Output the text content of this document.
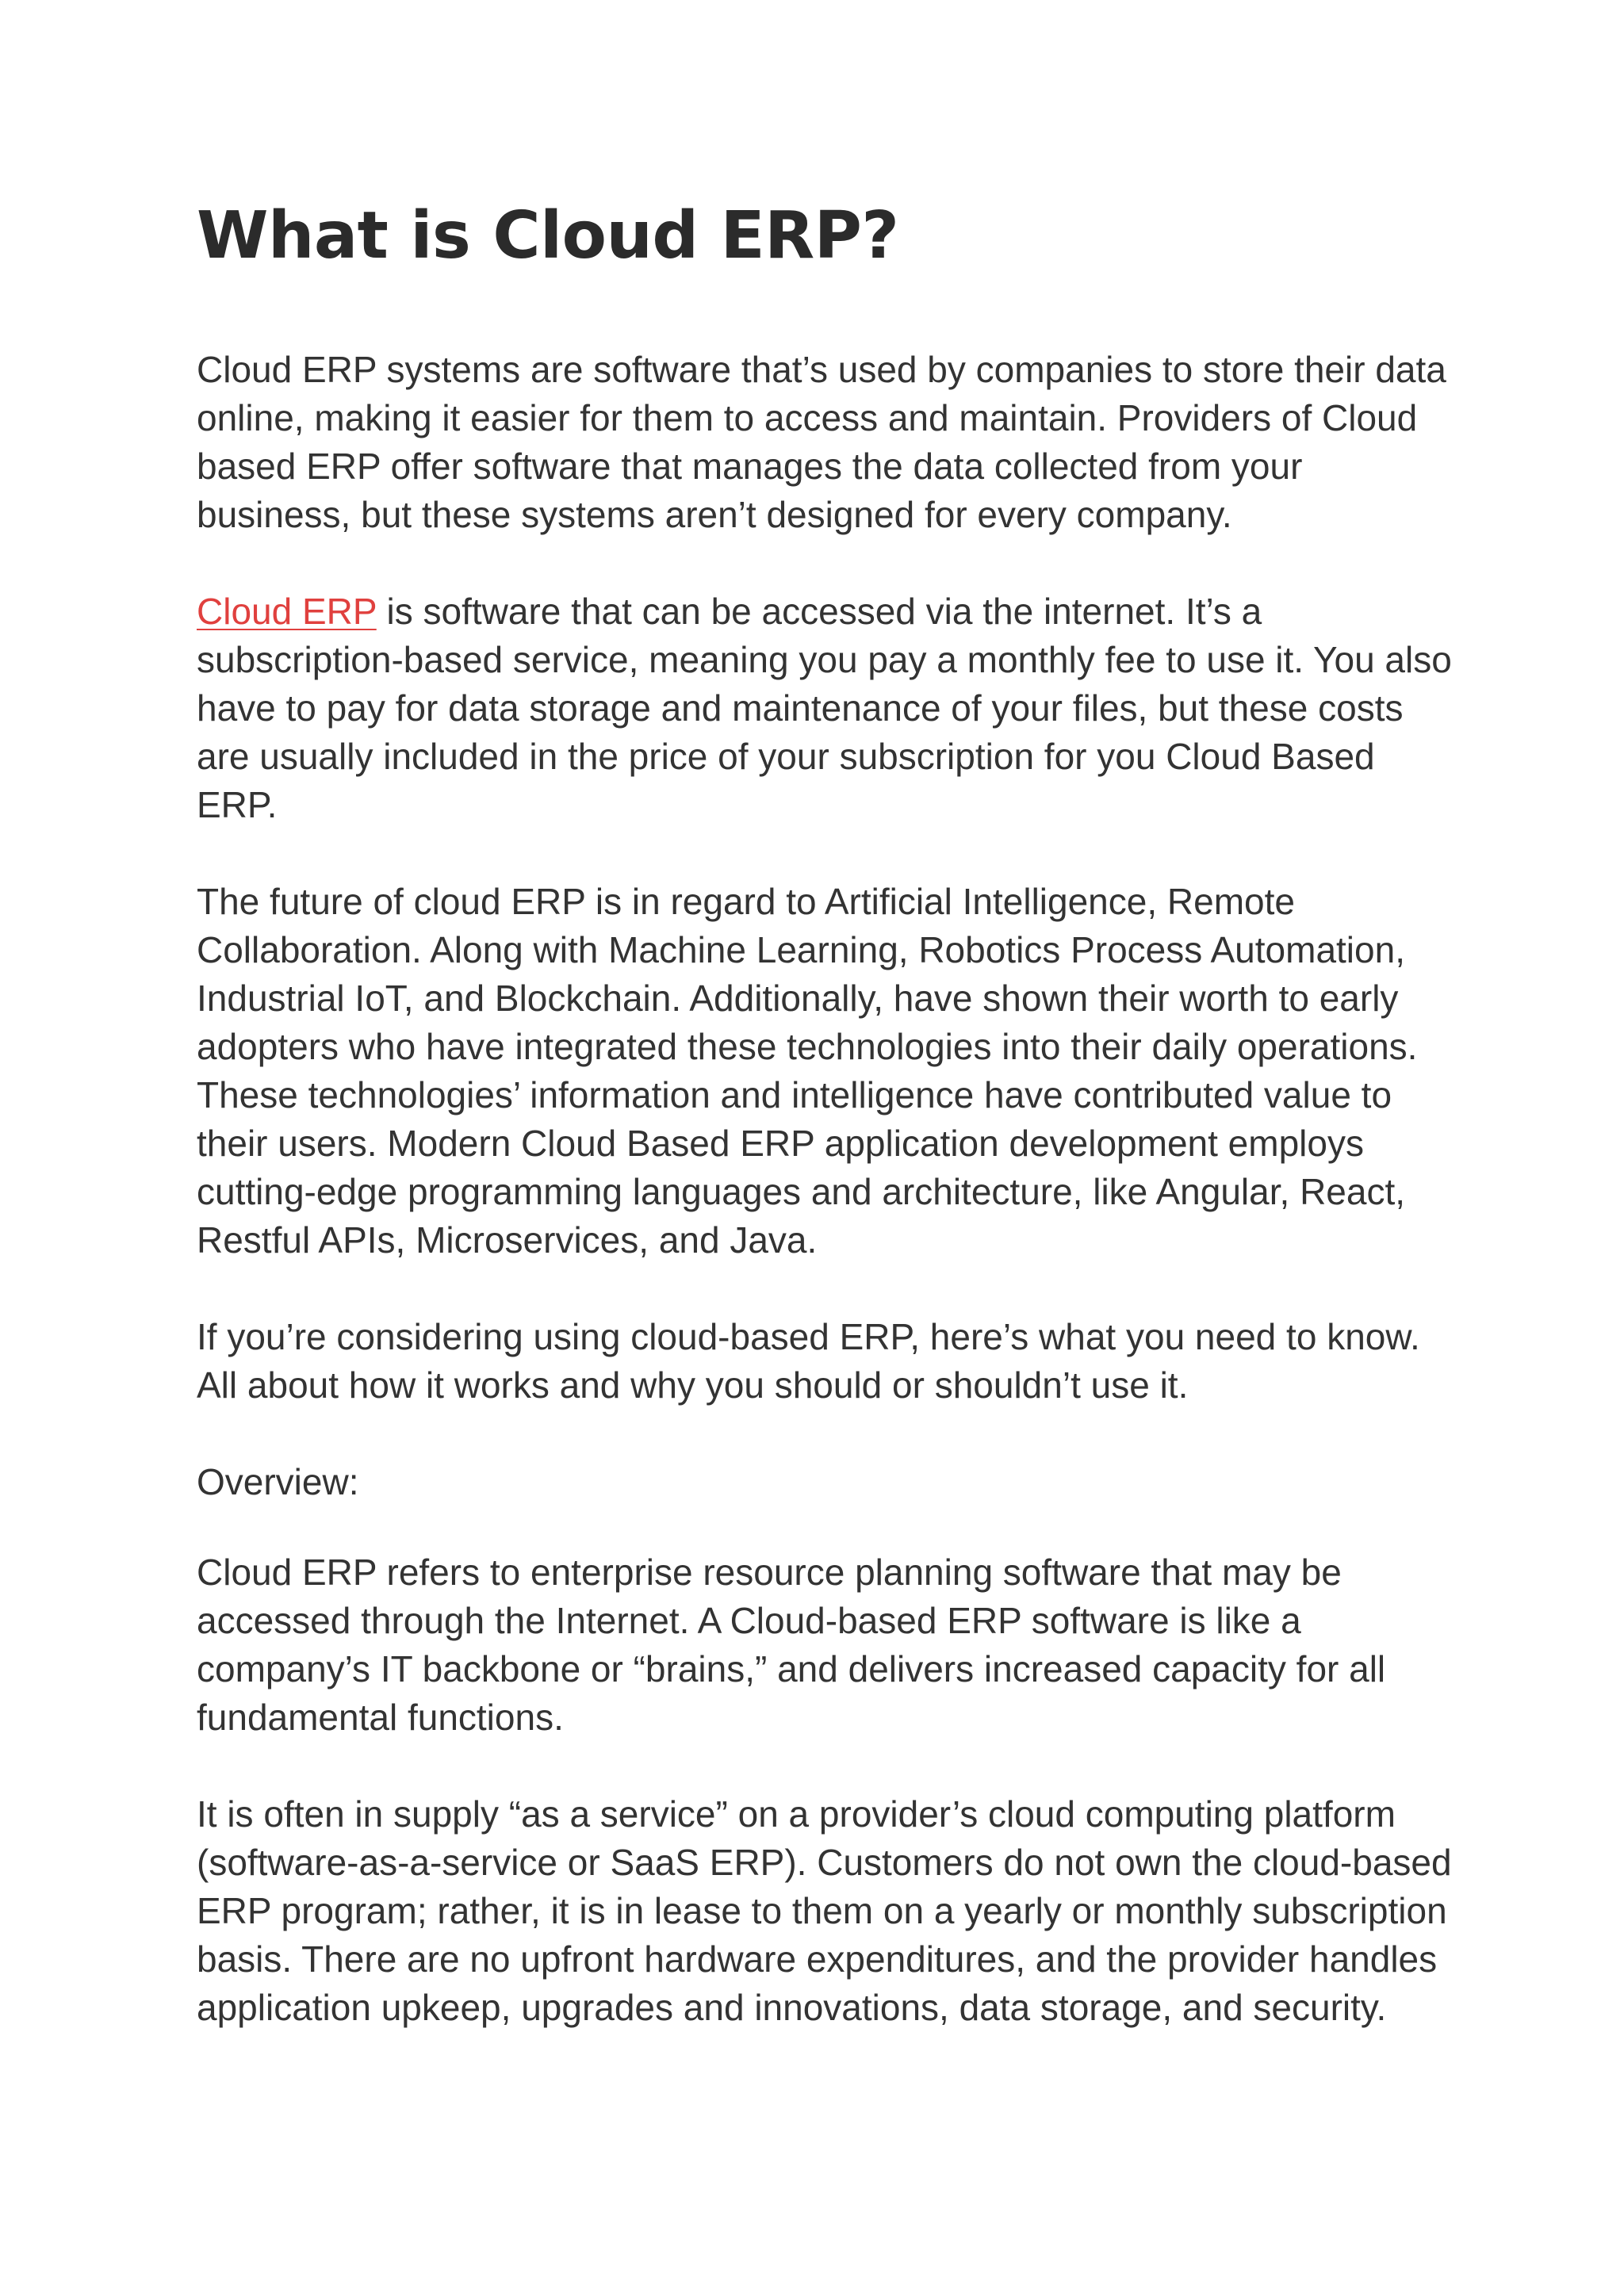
What is Cloud ERP?

Cloud ERP systems are software that’s used by companies to store their data online, making it easier for them to access and maintain. Providers of Cloud based ERP offer software that manages the data collected from your business, but these systems aren’t designed for every company.

Cloud ERP is software that can be accessed via the internet. It’s a subscription-based service, meaning you pay a monthly fee to use it. You also have to pay for data storage and maintenance of your files, but these costs are usually included in the price of your subscription for you Cloud Based ERP.

The future of cloud ERP is in regard to Artificial Intelligence, Remote Collaboration. Along with Machine Learning, Robotics Process Automation, Industrial IoT, and Blockchain. Additionally, have shown their worth to early adopters who have integrated these technologies into their daily operations. These technologies’ information and intelligence have contributed value to their users. Modern Cloud Based ERP application development employs cutting-edge programming languages and architecture, like Angular, React, Restful APIs, Microservices, and Java.

If you’re considering using cloud-based ERP, here’s what you need to know. All about how it works and why you should or shouldn’t use it.

Overview:

Cloud ERP refers to enterprise resource planning software that may be accessed through the Internet. A Cloud-based ERP software is like a company’s IT backbone or “brains,” and delivers increased capacity for all fundamental functions.

It is often in supply “as a service” on a provider’s cloud computing platform (software-as-a-service or SaaS ERP). Customers do not own the cloud-based ERP program; rather, it is in lease to them on a yearly or monthly subscription basis. There are no upfront hardware expenditures, and the provider handles application upkeep, upgrades and innovations, data storage, and security.
